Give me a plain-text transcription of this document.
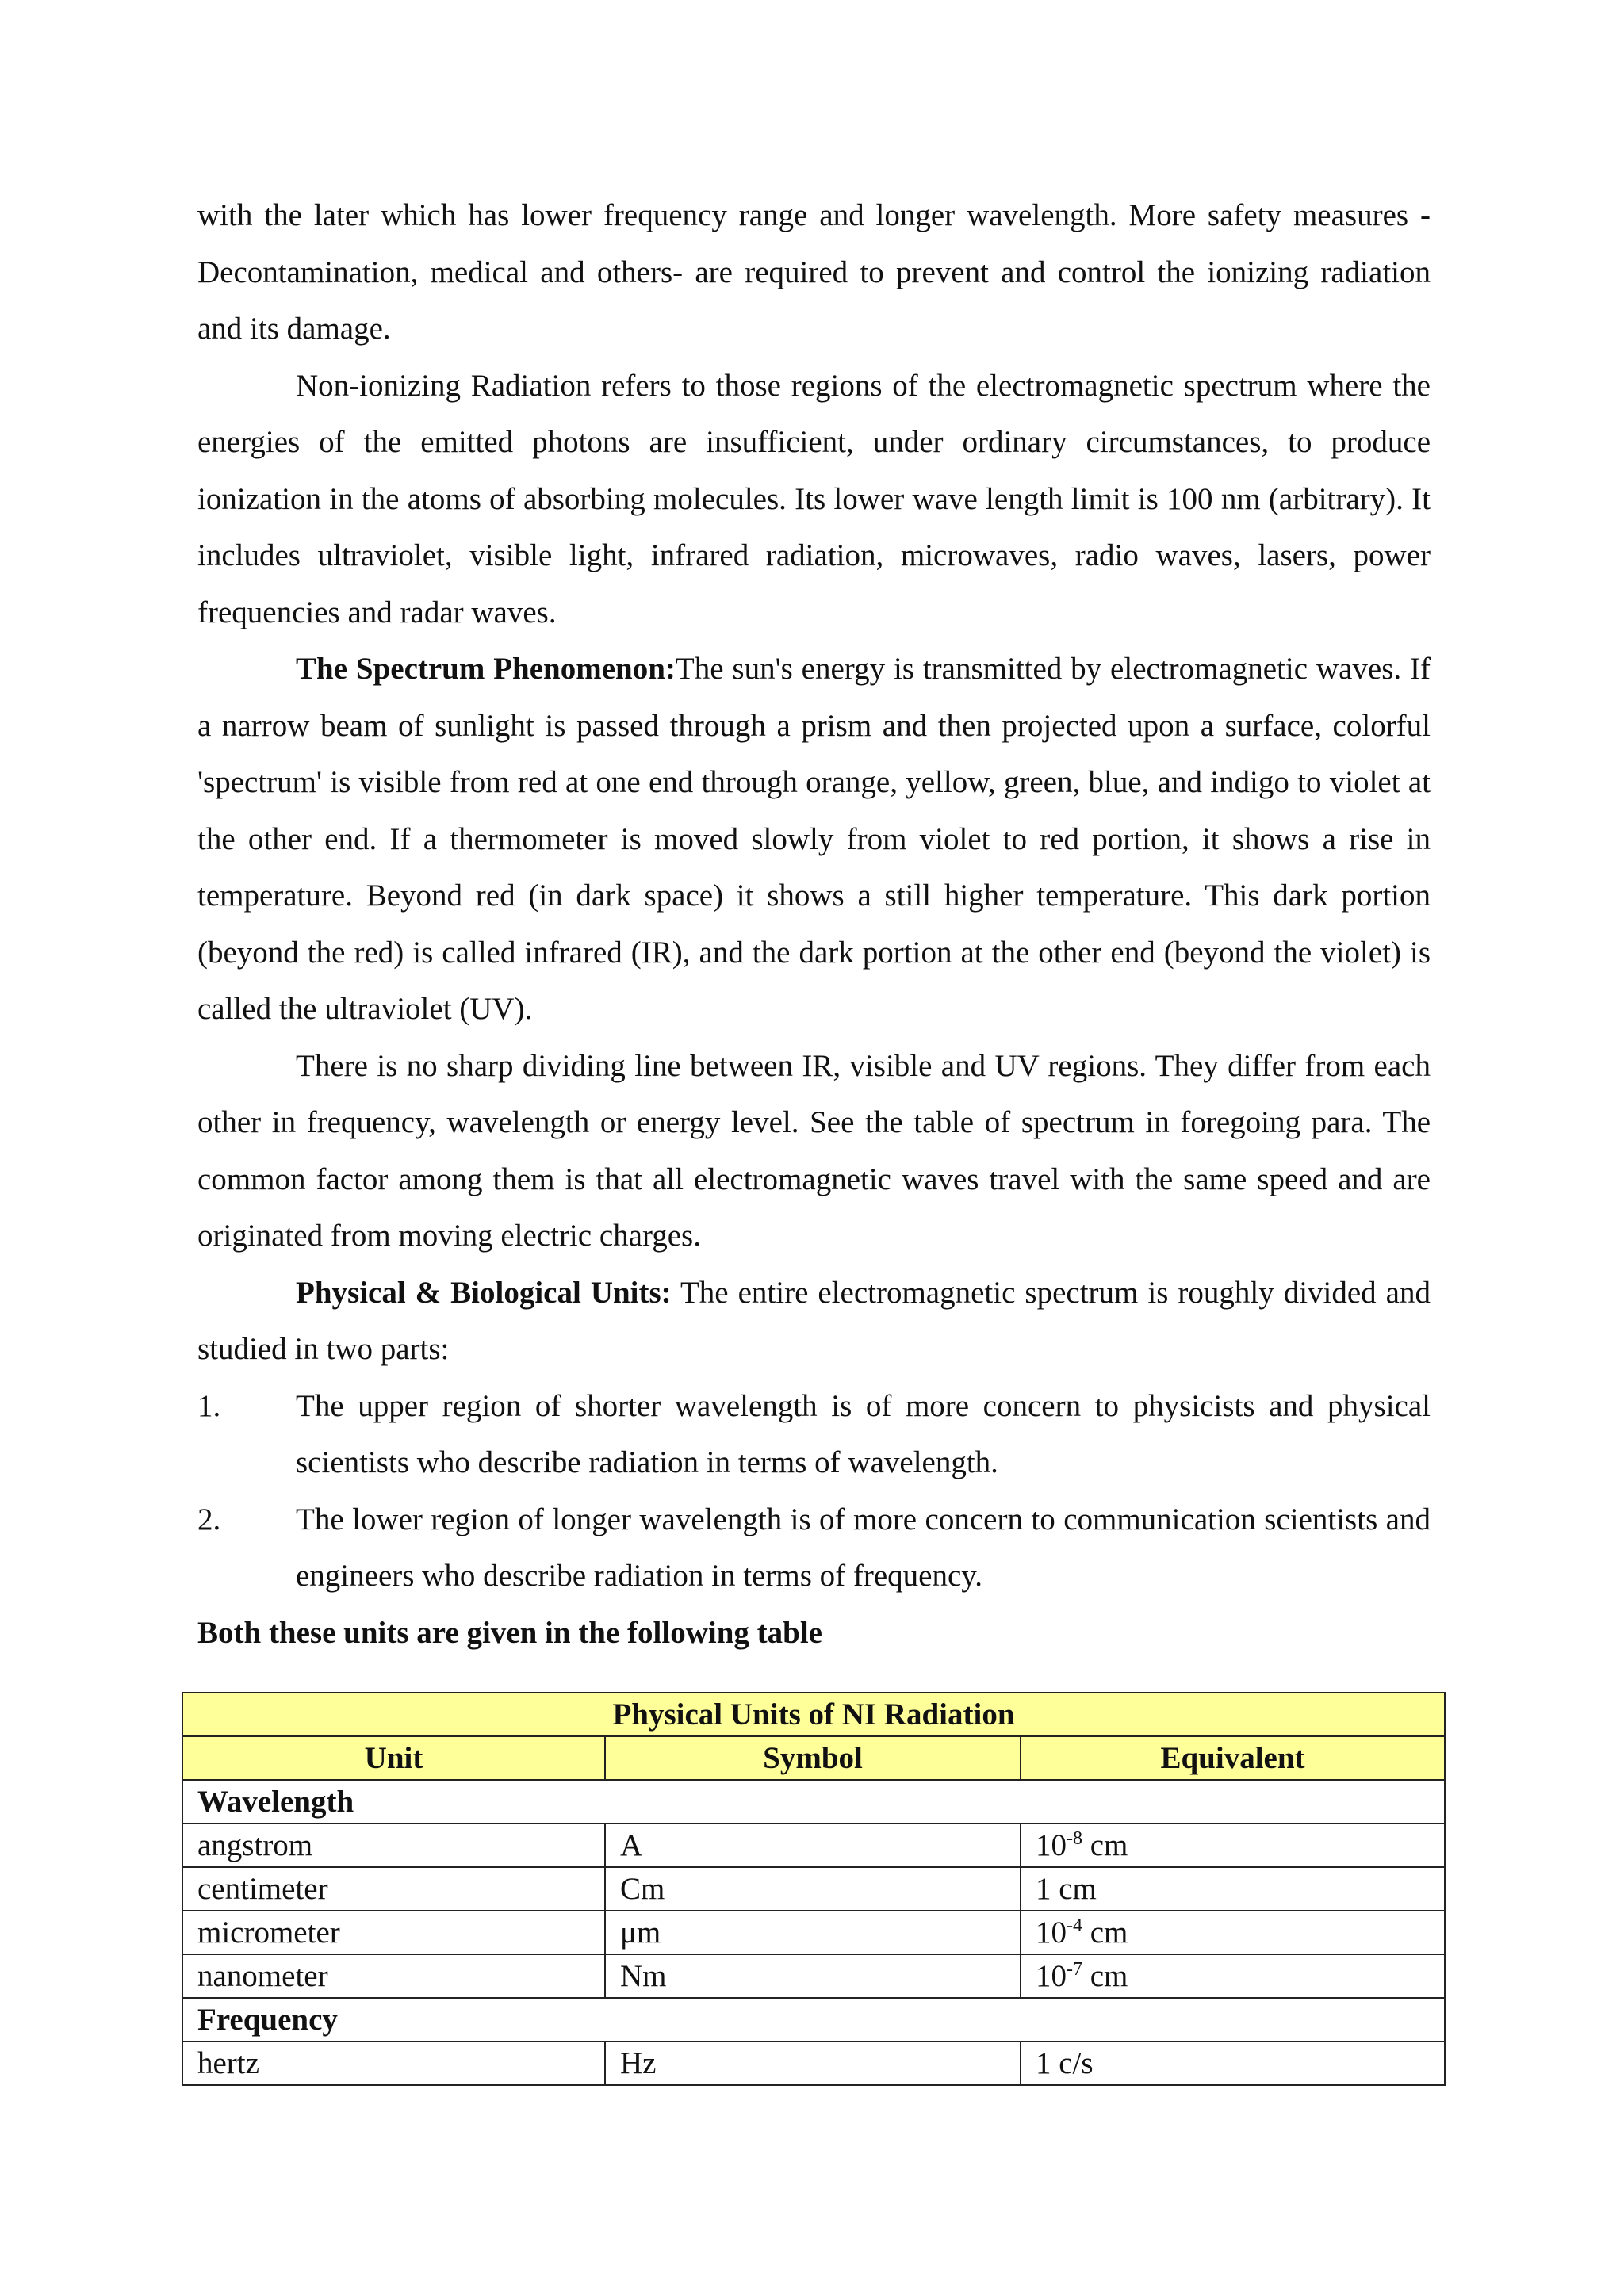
with the later which has lower frequency range and longer wavelength. More safety measures - Decontamination, medical and others- are required to prevent and control the ionizing radiation and its damage.

Non-ionizing Radiation refers to those regions of the electromagnetic spectrum where the energies of the emitted photons are insufficient, under ordinary circumstances, to produce ionization in the atoms of absorbing molecules. Its lower wave length limit is 100 nm (arbitrary). It includes ultraviolet, visible light, infrared radiation, microwaves, radio waves, lasers, power frequencies and radar waves.

The Spectrum Phenomenon:The sun's energy is transmitted by electromagnetic waves. If a narrow beam of sunlight is passed through a prism and then projected upon a surface, colorful 'spectrum' is visible from red at one end through orange, yellow, green, blue, and indigo to violet at the other end. If a thermometer is moved slowly from violet to red portion, it shows a rise in temperature. Beyond red (in dark space) it shows a still higher temperature. This dark portion (beyond the red) is called infrared (IR), and the dark portion at the other end (beyond the violet) is called the ultraviolet (UV).

There is no sharp dividing line between IR, visible and UV regions. They differ from each other in frequency, wavelength or energy level. See the table of spectrum in foregoing para. The common factor among them is that all electromagnetic waves travel with the same speed and are originated from moving electric charges.

Physical & Biological Units: The entire electromagnetic spectrum is roughly divided and studied in two parts:

1.	The upper region of shorter wavelength is of more concern to physicists and physical scientists who describe radiation in terms of wavelength.
2.	The lower region of longer wavelength is of more concern to communication scientists and engineers who describe radiation in terms of frequency.
Both these units are given in the following table
Physical Units of NI Radiation		
Unit	Symbol	Equivalent
Wavelength		
angstrom	A	$10^{-8}$ cm
centimeter	Cm	1 cm
micrometer	μm	$10^{-4}$ cm
nanometer	Nm	$10^{-7}$ cm
Frequency		
hertz	Hz	1 c/s
